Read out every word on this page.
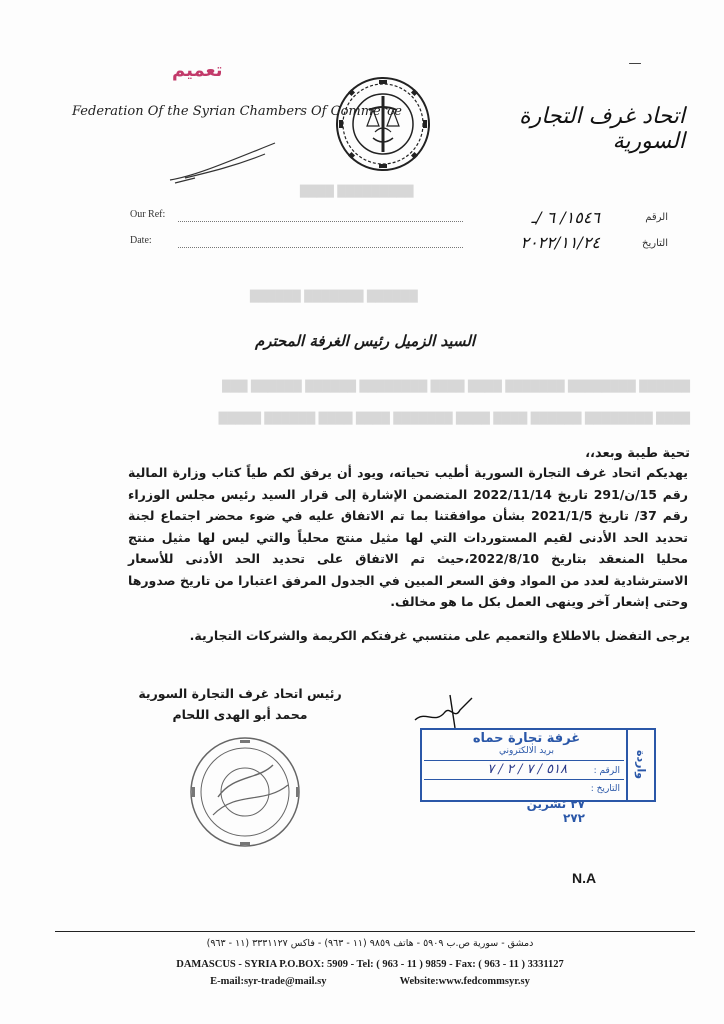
█████████ ████
██████ ███████ ██████
██████ ████████ ███████ ████ ████ ████████ ██████ ██████ ███
████ ████████ ██████ ████ ████ ███████ ████ ████ ██████ █████
—
تعميم
Federation Of the Syrian Chambers Of Commerce	اتحاد غرف التجارة السورية
Our Ref:
Date:
١٥٤٦/ ٦ /ـ
٢٠٢٢/١١/٢٤
الرقم
التاريخ
السيد الزميل رئيس الغرفة المحترم
تحية طيبة وبعد،،
يهديكم اتحاد غرف التجارة السورية أطيب تحياته، ويود أن يرفق لكم طياً كتاب وزارة المالية رقم 15/ن/291 تاريخ 2022/11/14 المتضمن الإشارة إلى قرار السيد رئيس مجلس الوزراء رقم 37/ تاريخ 2021/1/5 بشأن موافقتنا بما تم الاتفاق عليه في ضوء محضر اجتماع لجنة تحديد الحد الأدنى لقيم المستوردات التي لها مثيل منتج محلياً والتي ليس لها مثيل منتج محليا المنعقد بتاريخ 2022/8/10،حيث تم الاتفاق على تحديد الحد الأدنى للأسعار الاسترشادية لعدد من المواد وفق السعر المبين في الجدول المرفق اعتبارا من تاريخ صدورها وحتى إشعار آخر وينهى العمل بكل ما هو مخالف.
يرجى التفضل بالاطلاع والتعميم على منتسبي غرفتكم الكريمة والشركات التجارية.
رئيس اتحاد غرف التجارة السورية
محمد أبو الهدى اللحام
واردة
غرفة تجارة حماه
بريد الالكتروني
الرقم : ٥١٨ / ٧ / ٢ / ٧
التاريخ :
٢٧ تشرين ٢٧٢
N.A
دمشق - سورية ص.ب ٥٩٠٩ - هاتف ٩٨٥٩ (١١ - ٩٦٣) - فاكس ٣٣٣١١٢٧ (١١ - ٩٦٣)
DAMASCUS - SYRIA P.O.BOX: 5909 - Tel: ( 963 - 11 ) 9859 - Fax: ( 963 - 11 ) 3331127
E-mail:syr-trade@mail.sy	Website:www.fedcommsyr.sy
